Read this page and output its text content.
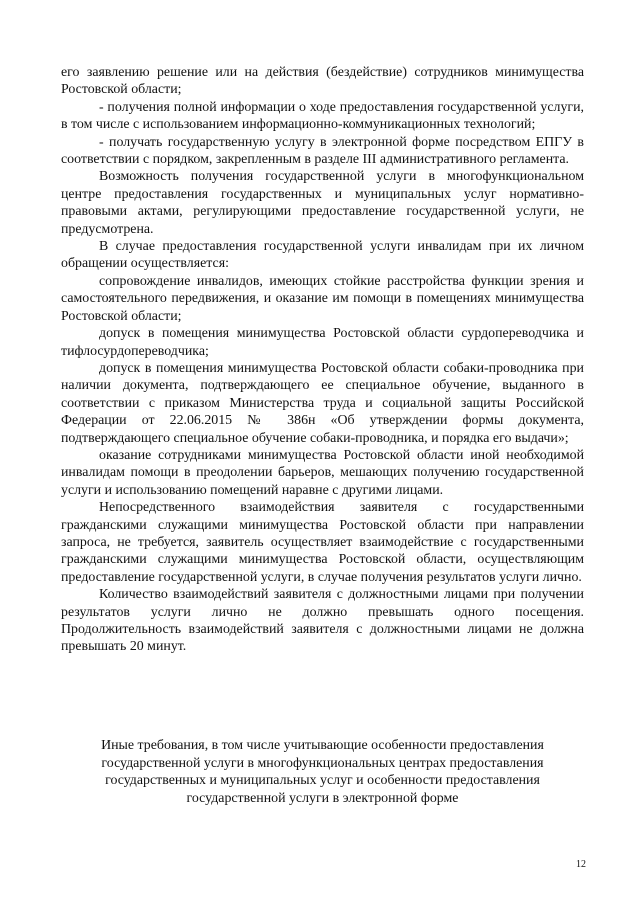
его заявлению решение или на действия (бездействие) сотрудников минимущества Ростовской области;

- получения полной информации о ходе предоставления государственной услуги, в том числе с использованием информационно-коммуникационных технологий;

- получать государственную услугу в электронной форме посредством ЕПГУ в соответствии с порядком, закрепленным в разделе III административного регламента.

Возможность получения государственной услуги в многофункциональном центре предоставления государственных и муниципальных услуг нормативно-правовыми актами, регулирующими предоставление государственной услуги, не предусмотрена.

В случае предоставления государственной услуги инвалидам при их личном обращении осуществляется:

сопровождение инвалидов, имеющих стойкие расстройства функции зрения и самостоятельного передвижения, и оказание им помощи в помещениях минимущества Ростовской области;

допуск в помещения минимущества Ростовской области сурдопереводчика и тифлосурдопереводчика;

допуск в помещения минимущества Ростовской области собаки-проводника при наличии документа, подтверждающего ее специальное обучение, выданного в соответствии с приказом Министерства труда и социальной защиты Российской Федерации от 22.06.2015 № 386н «Об утверждении формы документа, подтверждающего специальное обучение собаки-проводника, и порядка его выдачи»;

оказание сотрудниками минимущества Ростовской области иной необходимой инвалидам помощи в преодолении барьеров, мешающих получению государственной услуги и использованию помещений наравне с другими лицами.

Непосредственного взаимодействия заявителя с государственными гражданскими служащими минимущества Ростовской области при направлении запроса, не требуется, заявитель осуществляет взаимодействие с государственными гражданскими служащими минимущества Ростовской области, осуществляющим предоставление государственной услуги, в случае получения результатов услуги лично.

Количество взаимодействий заявителя с должностными лицами при получении результатов услуги лично не должно превышать одного посещения. Продолжительность взаимодействий заявителя с должностными лицами не должна превышать 20 минут.

Иные требования, в том числе учитывающие особенности предоставления
государственной услуги в многофункциональных центрах предоставления
государственных и муниципальных услуг и особенности предоставления
государственной услуги в электронной форме
12
